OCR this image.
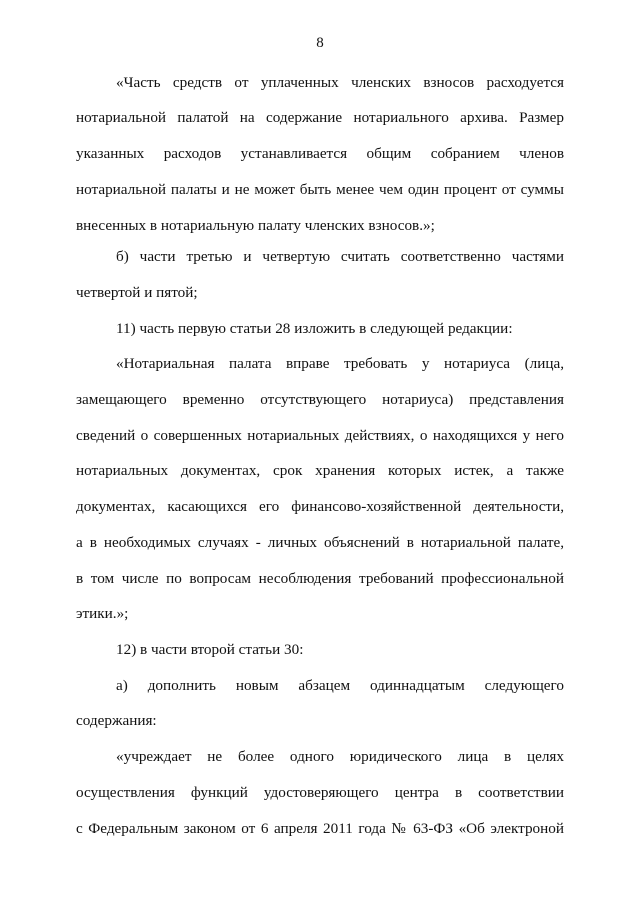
8
«Часть средств от уплаченных членских взносов расходуется
нотариальной палатой на содержание нотариального архива. Размер
указанных расходов устанавливается общим собранием членов
нотариальной палаты и не может быть менее чем один процент от суммы
внесенных в нотариальную палату членских взносов.»;
б) части третью и четвертую считать соответственно частями
четвертой и пятой;
11) часть первую статьи 28 изложить в следующей редакции:
«Нотариальная палата вправе требовать у нотариуса (лица,
замещающего временно отсутствующего нотариуса) представления
сведений о совершенных нотариальных действиях, о находящихся у него
нотариальных документах, срок хранения которых истек, а также
документах, касающихся его финансово-хозяйственной деятельности,
а в необходимых случаях - личных объяснений в нотариальной палате,
в том числе по вопросам несоблюдения требований профессиональной
этики.»;
12) в части второй статьи 30:
а) дополнить новым абзацем одиннадцатым следующего
содержания:
«учреждает не более одного юридического лица в целях
осуществления функций удостоверяющего центра в соответствии
с Федеральным законом от 6 апреля 2011 года № 63-ФЗ «Об электроной
